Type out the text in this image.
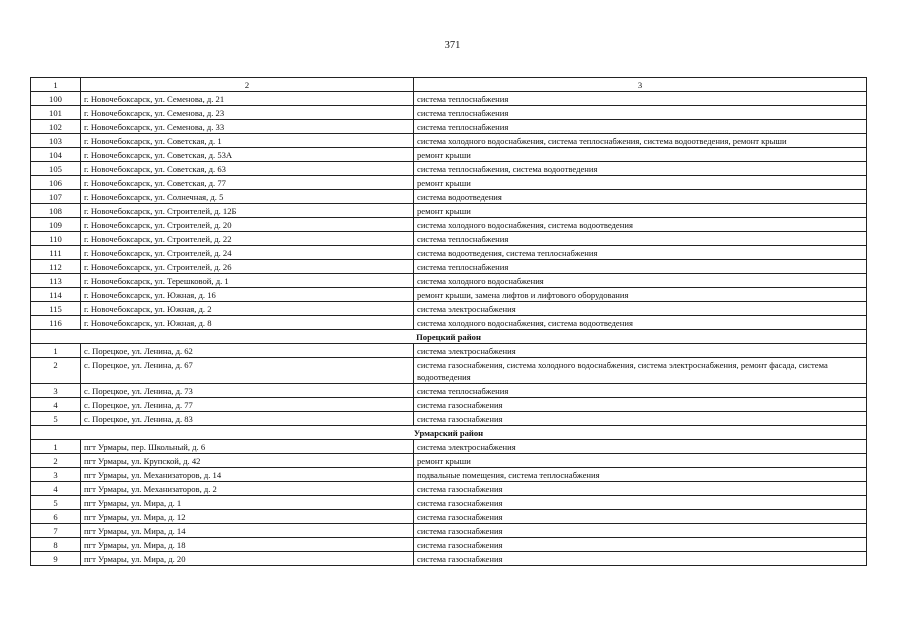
371
1	2	3
100	г. Новочебоксарск, ул. Семенова, д. 21	система теплоснабжения
101	г. Новочебоксарск, ул. Семенова, д. 23	система теплоснабжения
102	г. Новочебоксарск, ул. Семенова, д. 33	система теплоснабжения
103	г. Новочебоксарск, ул. Советская, д. 1	система холодного водоснабжения, система теплоснабжения, система водоотведения, ремонт крыши
104	г. Новочебоксарск, ул. Советская, д. 53А	ремонт крыши
105	г. Новочебоксарск, ул. Советская, д. 63	система теплоснабжения, система водоотведения
106	г. Новочебоксарск, ул. Советская, д. 77	ремонт крыши
107	г. Новочебоксарск, ул. Солнечная, д. 5	система водоотведения
108	г. Новочебоксарск, ул. Строителей, д. 12Б	ремонт крыши
109	г. Новочебоксарск, ул. Строителей, д. 20	система холодного водоснабжения, система водоотведения
110	г. Новочебоксарск, ул. Строителей, д. 22	система теплоснабжения
111	г. Новочебоксарск, ул. Строителей, д. 24	система водоотведения, система теплоснабжения
112	г. Новочебоксарск, ул. Строителей, д. 26	система теплоснабжения
113	г. Новочебоксарск, ул. Терешковой, д. 1	система холодного водоснабжения
114	г. Новочебоксарск, ул. Южная, д. 16	ремонт крыши, замена лифтов и лифтового оборудования
115	г. Новочебоксарск, ул. Южная, д. 2	система электроснабжения
116	г. Новочебоксарск, ул. Южная, д. 8	система холодного водоснабжения, система водоотведения
Порецкий район		
1	с. Порецкое, ул. Ленина, д. 62	система электроснабжения
2	с. Порецкое, ул. Ленина, д. 67	система газоснабжения, система холодного водоснабжения, система электроснабжения, ремонт фасада, система водоотведения
3	с. Порецкое, ул. Ленина, д. 73	система теплоснабжения
4	с. Порецкое, ул. Ленина, д. 77	система газоснабжения
5	с. Порецкое, ул. Ленина, д. 83	система газоснабжения
Урмарский район		
1	пгт Урмары, пер. Школьный, д. 6	система электроснабжения
2	пгт Урмары, ул. Крупской, д. 42	ремонт крыши
3	пгт Урмары, ул. Механизаторов, д. 14	подвальные помещения, система теплоснабжения
4	пгт Урмары, ул. Механизаторов, д. 2	система газоснабжения
5	пгт Урмары, ул. Мира, д. 1	система газоснабжения
6	пгт Урмары, ул. Мира, д. 12	система газоснабжения
7	пгт Урмары, ул. Мира, д. 14	система газоснабжения
8	пгт Урмары, ул. Мира, д. 18	система газоснабжения
9	пгт Урмары, ул. Мира, д. 20	система газоснабжения
